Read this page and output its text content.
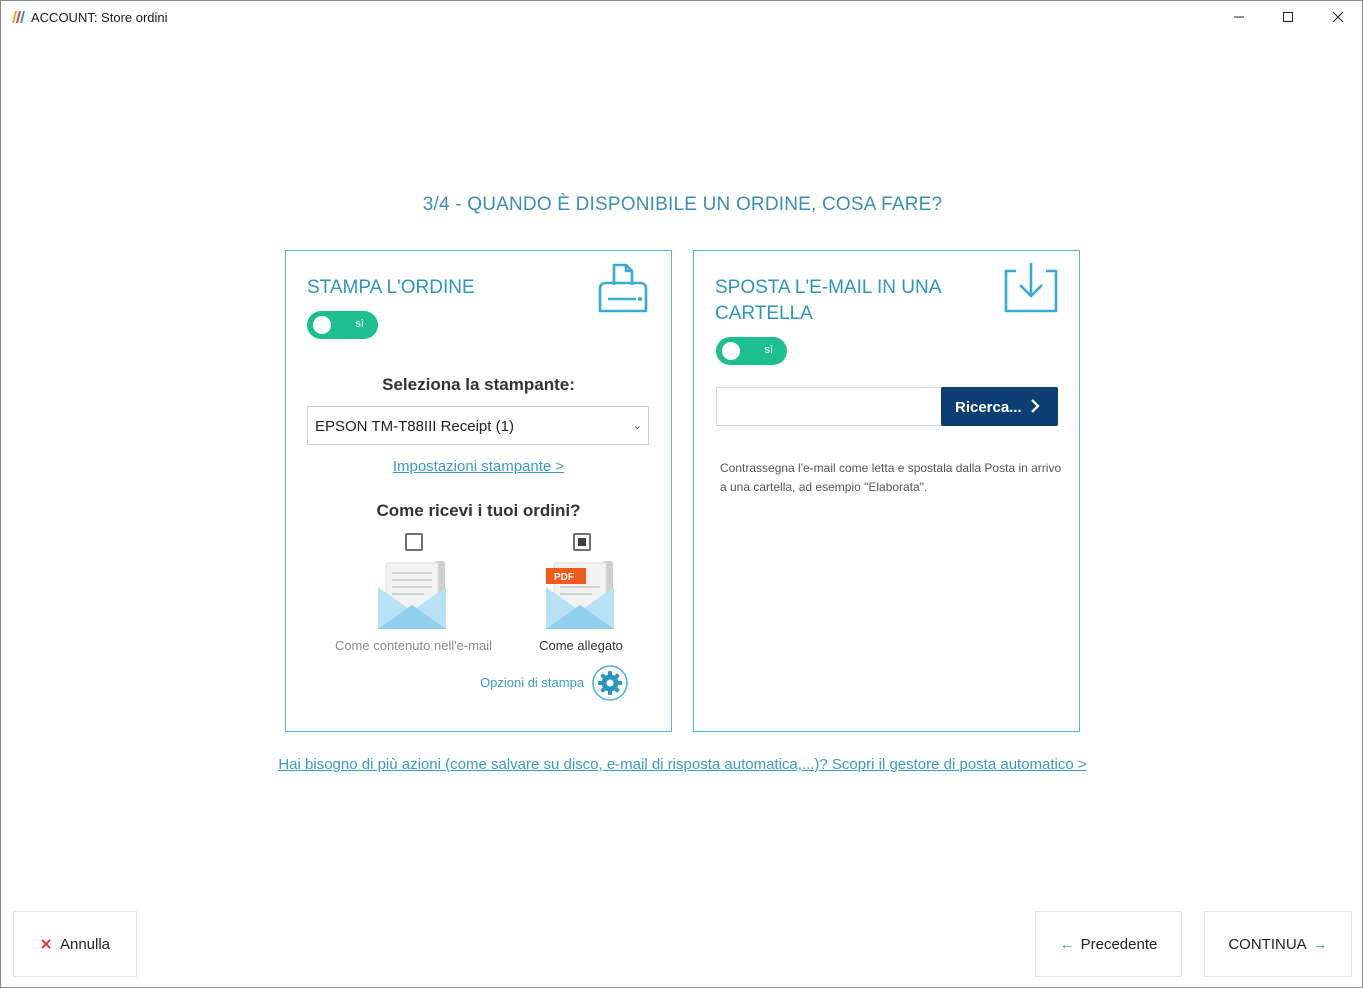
ACCOUNT: Store ordini
3/4 - QUANDO È DISPONIBILE UN ORDINE, COSA FARE?
STAMPA L'ORDINE
sì
Seleziona la stampante:
EPSON TM-T88III Receipt (1)	⌄
Impostazioni stampante >
Come ricevi i tuoi ordini?
PDF
Come contenuto nell'e-mail	Come allegato
Opzioni di stampa
SPOSTA L'E-MAIL IN UNA
CARTELLA
sì
Ricerca...
Contrassegna l'e-mail come letta e spostala dalla Posta in arrivo a una cartella, ad esempio "Elaborata".
Hai bisogno di più azioni (come salvare su disco, e-mail di risposta automatica,...)? Scopri il gestore di posta automatico >
Annulla	← Precedente	CONTINUA →
